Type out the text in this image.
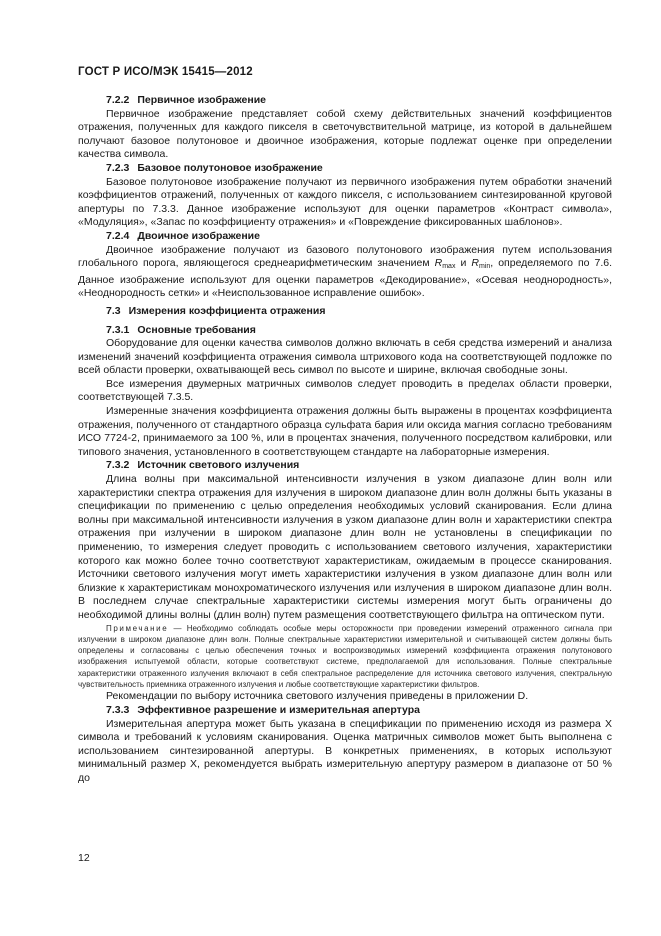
ГОСТ Р ИСО/МЭК 15415—2012

7.2.2 Первичное изображение

Первичное изображение представляет собой схему действительных значений коэффициентов отражения, полученных для каждого пикселя в светочувствительной матрице, из которой в дальнейшем получают базовое полутоновое и двоичное изображения, которые подлежат оценке при определении качества символа.

7.2.3 Базовое полутоновое изображение

Базовое полутоновое изображение получают из первичного изображения путем обработки значений коэффициентов отражений, полученных от каждого пикселя, с использованием синтезированной круговой апертуры по 7.3.3. Данное изображение используют для оценки параметров «Контраст символа», «Модуляция», «Запас по коэффициенту отражения» и «Повреждение фиксированных шаблонов».

7.2.4 Двоичное изображение

Двоичное изображение получают из базового полутонового изображения путем использования глобального порога, являющегося среднеарифметическим значением $R_{max}$ и $R_{min}$, определяемого по 7.6. Данное изображение используют для оценки параметров «Декодирование», «Осевая неоднородность», «Неоднородность сетки» и «Неиспользованное исправление ошибок».

7.3 Измерения коэффициента отражения

7.3.1 Основные требования

Оборудование для оценки качества символов должно включать в себя средства измерений и анализа изменений значений коэффициента отражения символа штрихового кода на соответствующей подложке по всей области проверки, охватывающей весь символ по высоте и ширине, включая свободные зоны.

Все измерения двумерных матричных символов следует проводить в пределах области проверки, соответствующей 7.3.5.

Измеренные значения коэффициента отражения должны быть выражены в процентах коэффициента отражения, полученного от стандартного образца сульфата бария или оксида магния согласно требованиям ИСО 7724-2, принимаемого за 100 %, или в процентах значения, полученного посредством калибровки, или типового значения, установленного в соответствующем стандарте на лабораторные измерения.

7.3.2 Источник светового излучения

Длина волны при максимальной интенсивности излучения в узком диапазоне длин волн или характеристики спектра отражения для излучения в широком диапазоне длин волн должны быть указаны в спецификации по применению с целью определения необходимых условий сканирования. Если длина волны при максимальной интенсивности излучения в узком диапазоне длин волн и характеристики спектра отражения при излучении в широком диапазоне длин волн не установлены в спецификации по применению, то измерения следует проводить с использованием светового излучения, характеристики которого как можно более точно соответствуют характеристикам, ожидаемым в процессе сканирования. Источники светового излучения могут иметь характеристики излучения в узком диапазоне длин волн или близкие к характеристикам монохроматического излучения или излучения в широком диапазоне длин волн. В последнем случае спектральные характеристики системы измерения могут быть ограничены до необходимой длины волны (длин волн) путем размещения соответствующего фильтра на оптическом пути.

Примечание — Необходимо соблюдать особые меры осторожности при проведении измерений отраженного сигнала при излучении в широком диапазоне длин волн. Полные спектральные характеристики измерительной и считывающей систем должны быть определены и согласованы с целью обеспечения точных и воспроизводимых измерений коэффициента отражения полутонового изображения испытуемой области, которые соответствуют системе, предполагаемой для использования. Полные спектральные характеристики отраженного излучения включают в себя спектральное распределение для источника светового излучения, спектральную чувствительность приемника отраженного излучения и любые соответствующие характеристики фильтров.

Рекомендации по выбору источника светового излучения приведены в приложении D.

7.3.3 Эффективное разрешение и измерительная апертура

Измерительная апертура может быть указана в спецификации по применению исходя из размера X символа и требований к условиям сканирования. Оценка матричных символов может быть выполнена с использованием синтезированной апертуры. В конкретных применениях, в которых используют минимальный размер X, рекомендуется выбрать измерительную апертуру размером в диапазоне от 50 % до

12
